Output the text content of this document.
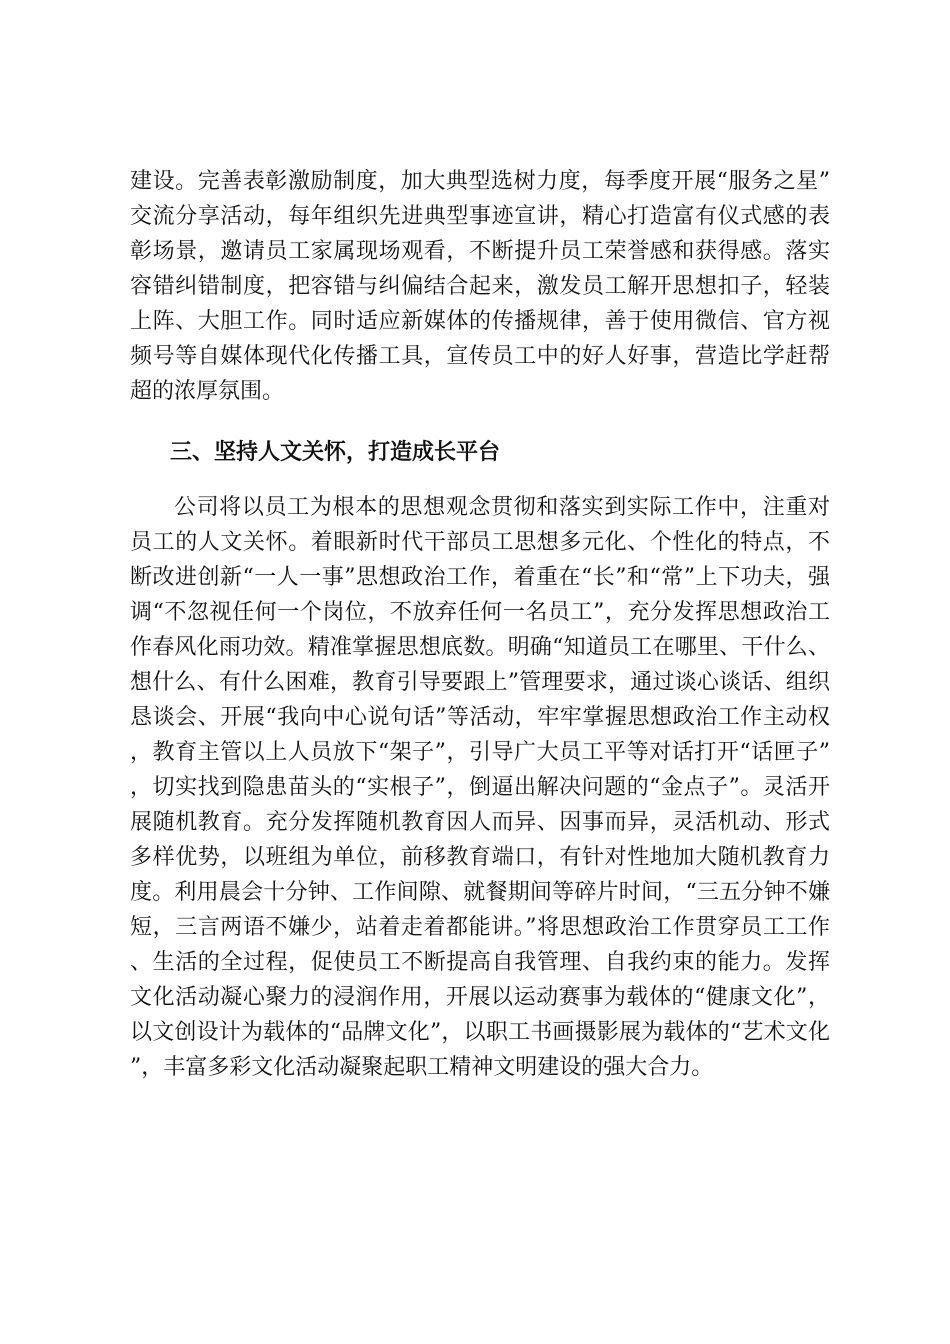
建设。完善表彰激励制度，加大典型选树力度，每季度开展“服务之星”交流分享活动，每年组织先进典型事迹宣讲，精心打造富有仪式感的表彰场景，邀请员工家属现场观看，不断提升员工荣誉感和获得感。落实容错纠错制度，把容错与纠偏结合起来，激发员工解开思想扣子，轻装上阵、大胆工作。同时适应新媒体的传播规律，善于使用微信、官方视频号等自媒体现代化传播工具，宣传员工中的好人好事，营造比学赶帮超的浓厚氛围。

三、坚持人文关怀，打造成长平台

公司将以员工为根本的思想观念贯彻和落实到实际工作中，注重对员工的人文关怀。着眼新时代干部员工思想多元化、个性化的特点，不断改进创新“一人一事”思想政治工作，着重在“长”和“常”上下功夫，强调“不忽视任何一个岗位，不放弃任何一名员工”，充分发挥思想政治工作春风化雨功效。精准掌握思想底数。明确“知道员工在哪里、干什么、想什么、有什么困难，教育引导要跟上”管理要求，通过谈心谈话、组织恳谈会、开展“我向中心说句话”等活动，牢牢掌握思想政治工作主动权，教育主管以上人员放下“架子”，引导广大员工平等对话打开“话匣子”，切实找到隐患苗头的“实根子”，倒逼出解决问题的“金点子”。灵活开展随机教育。充分发挥随机教育因人而异、因事而异，灵活机动、形式多样优势，以班组为单位，前移教育端口，有针对性地加大随机教育力度。利用晨会十分钟、工作间隙、就餐期间等碎片时间，“三五分钟不嫌短，三言两语不嫌少，站着走着都能讲。”将思想政治工作贯穿员工工作、生活的全过程，促使员工不断提高自我管理、自我约束的能力。发挥文化活动凝心聚力的浸润作用，开展以运动赛事为载体的“健康文化”，以文创设计为载体的“品牌文化”，以职工书画摄影展为载体的“艺术文化”，丰富多彩文化活动凝聚起职工精神文明建设的强大合力。
